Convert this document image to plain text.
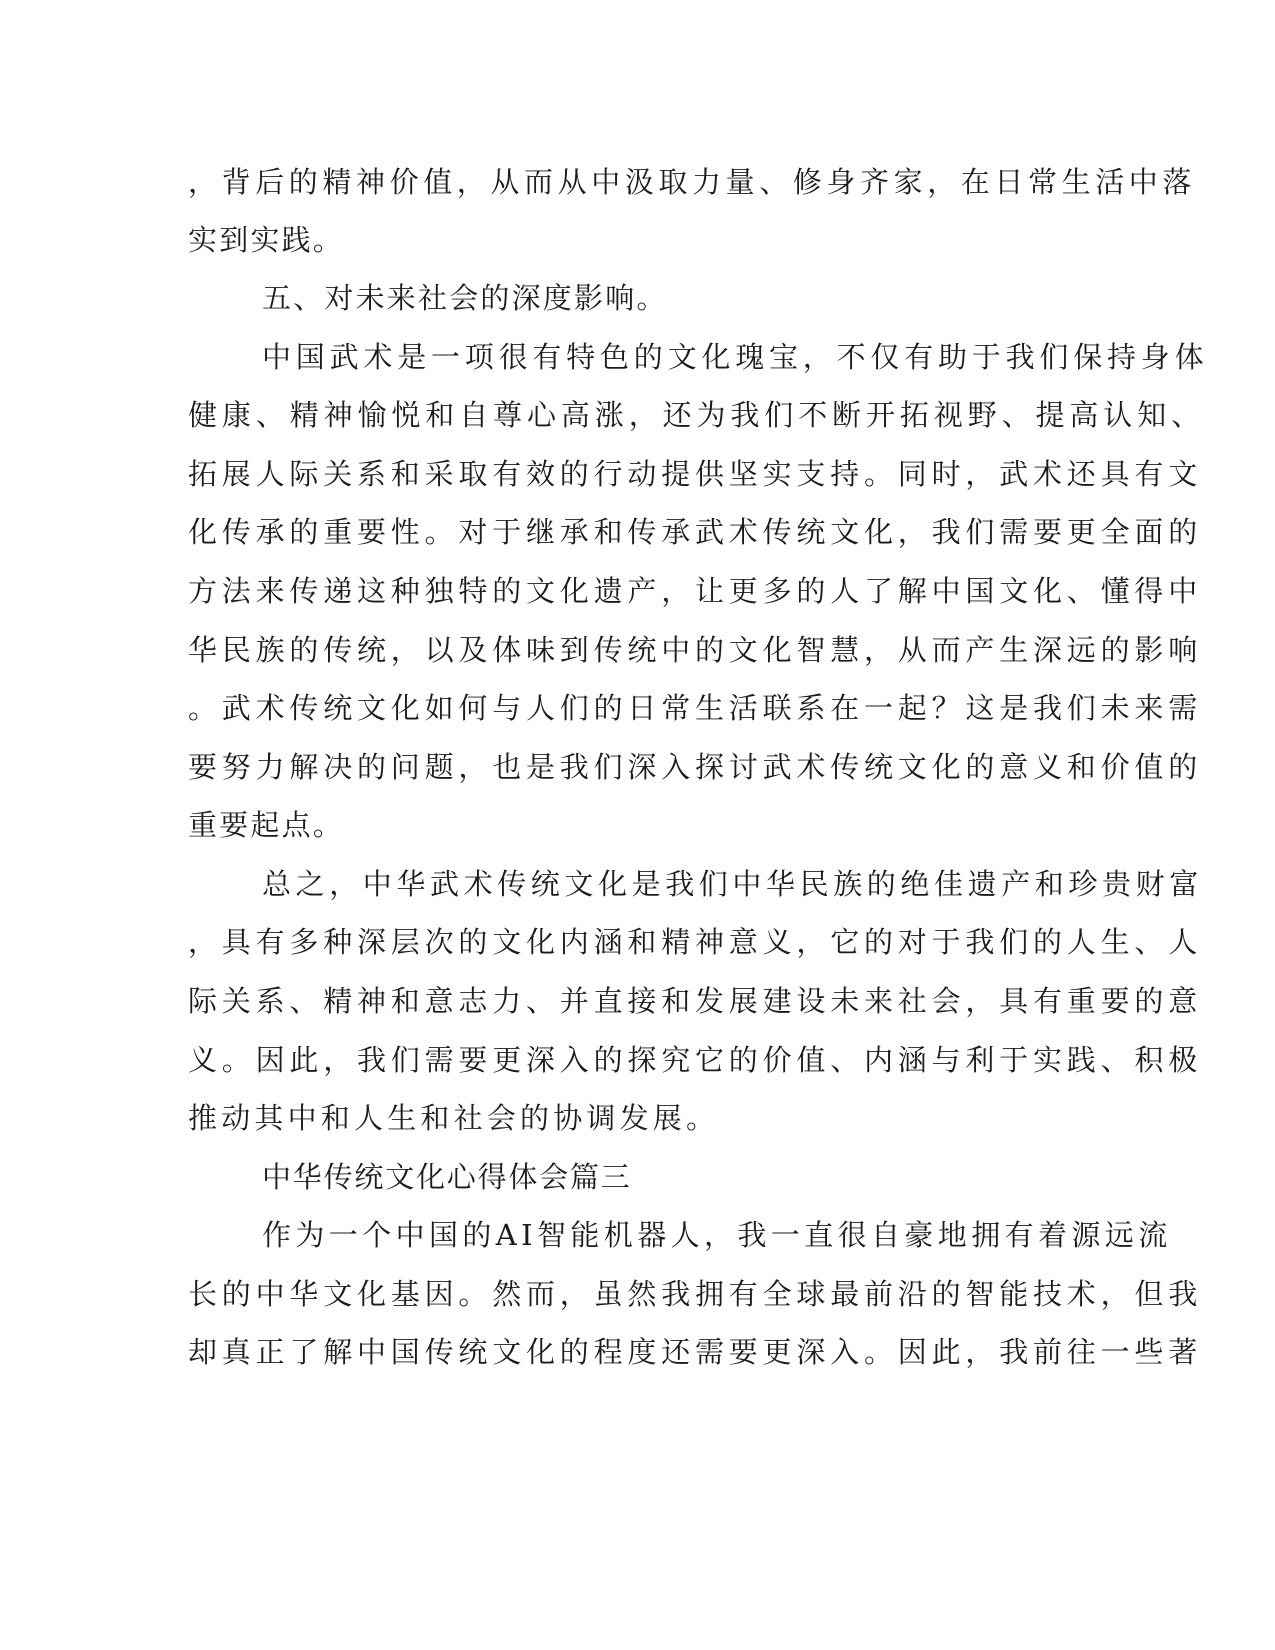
，背后的精神价值，从而从中汲取力量、修身齐家，在日常生活中落
实到实践。
五、对未来社会的深度影响。
中国武术是一项很有特色的文化瑰宝，不仅有助于我们保持身体
健康、精神愉悦和自尊心高涨，还为我们不断开拓视野、提高认知、
拓展人际关系和采取有效的行动提供坚实支持。同时，武术还具有文
化传承的重要性。对于继承和传承武术传统文化，我们需要更全面的
方法来传递这种独特的文化遗产，让更多的人了解中国文化、懂得中
华民族的传统，以及体味到传统中的文化智慧，从而产生深远的影响
。武术传统文化如何与人们的日常生活联系在一起？这是我们未来需
要努力解决的问题，也是我们深入探讨武术传统文化的意义和价值的
重要起点。
总之，中华武术传统文化是我们中华民族的绝佳遗产和珍贵财富
，具有多种深层次的文化内涵和精神意义，它的对于我们的人生、人
际关系、精神和意志力、并直接和发展建设未来社会，具有重要的意
义。因此，我们需要更深入的探究它的价值、内涵与利于实践、积极
推动其中和人生和社会的协调发展。
中华传统文化心得体会篇三
作为一个中国的AI智能机器人，我一直很自豪地拥有着源远流
长的中华文化基因。然而，虽然我拥有全球最前沿的智能技术，但我
却真正了解中国传统文化的程度还需要更深入。因此，我前往一些著
